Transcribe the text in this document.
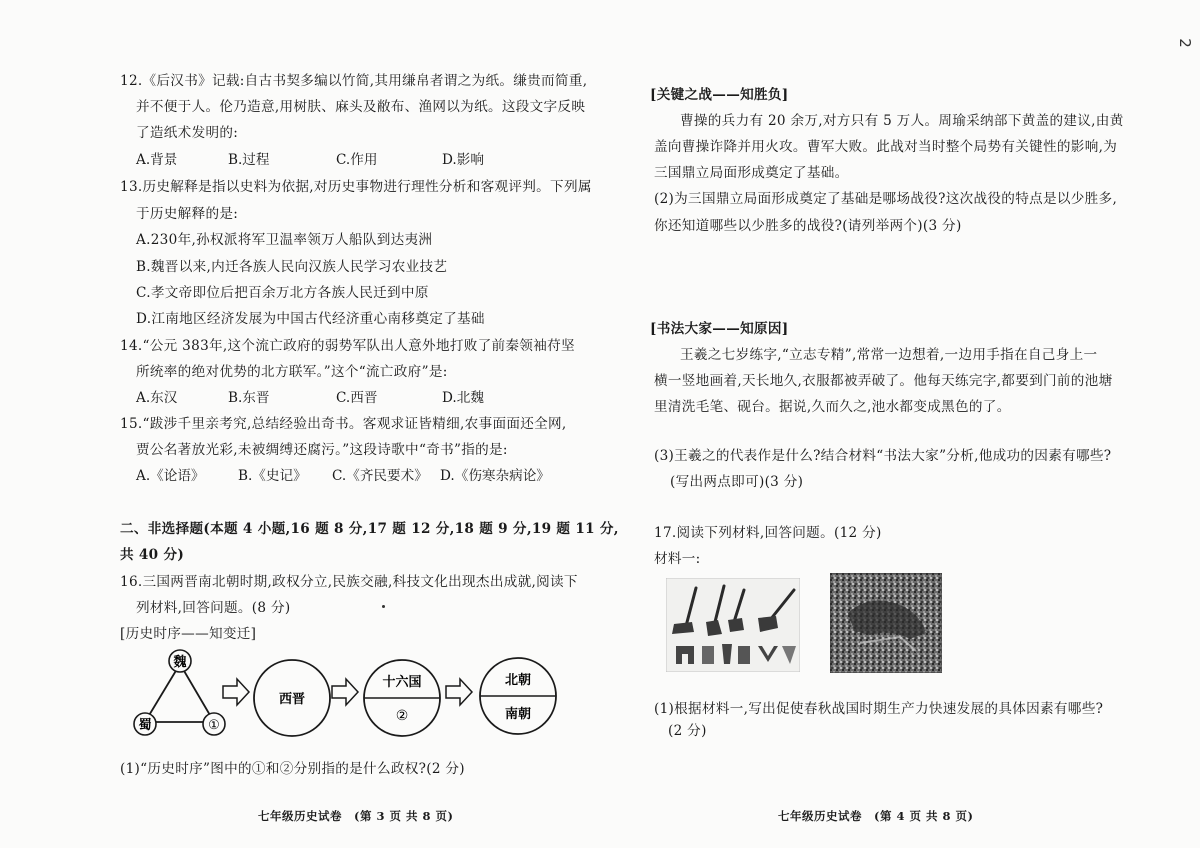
2
12.《后汉书》记载:自古书契多编以竹简,其用缣帛者谓之为纸。缣贵而简重,
并不便于人。伦乃造意,用树肤、麻头及敝布、渔网以为纸。这段文字反映
了造纸术发明的:
A.背景	B.过程	C.作用	D.影响
13.历史解释是指以史料为依据,对历史事物进行理性分析和客观评判。下列属
于历史解释的是:
A.230年,孙权派将军卫温率领万人船队到达夷洲
B.魏晋以来,内迁各族人民向汉族人民学习农业技艺
C.孝文帝即位后把百余万北方各族人民迁到中原
D.江南地区经济发展为中国古代经济重心南移奠定了基础
14.“公元 383年,这个流亡政府的弱势军队出人意外地打败了前秦领袖苻坚
所统率的绝对优势的北方联军。”这个“流亡政府”是:
A.东汉	B.东晋	C.西晋	D.北魏
15.“跋涉千里亲考究,总结经验出奇书。客观求证皆精细,农事面面还全网,
贾公名著放光彩,未被绸缚还腐污。”这段诗歌中“奇书”指的是:
A.《论语》 B.《史记》 C.《齐民要术》 D.《伤寒杂病论》
二、非选择题(本题 4 小题,16 题 8 分,17 题 12 分,18 题 9 分,19 题 11 分,
共 40 分)
16.三国两晋南北朝时期,政权分立,民族交融,科技文化出现杰出成就,阅读下
列材料,回答问题。(8 分)
[历史时序——知变迁]
魏
蜀	①
西晋
十六国
②
北朝
南朝
(1)“历史时序”图中的①和②分别指的是什么政权?(2 分)
七年级历史试卷　(第 3 页 共 8 页)
[关键之战——知胜负]
曹操的兵力有 20 余万,对方只有 5 万人。周瑜采纳部下黄盖的建议,由黄
盖向曹操诈降并用火攻。曹军大败。此战对当时整个局势有关键性的影响,为
三国鼎立局面形成奠定了基础。
(2)为三国鼎立局面形成奠定了基础是哪场战役?这次战役的特点是以少胜多,
你还知道哪些以少胜多的战役?(请列举两个)(3 分)
[书法大家——知原因]
王羲之七岁练字,“立志专精”,常常一边想着,一边用手指在自己身上一
横一竖地画着,天长地久,衣服都被弄破了。他每天练完字,都要到门前的池塘
里清洗毛笔、砚台。据说,久而久之,池水都变成黑色的了。
(3)王羲之的代表作是什么?结合材料“书法大家”分析,他成功的因素有哪些?
(写出两点即可)(3 分)
17.阅读下列材料,回答问题。(12 分)
材料一:
(1)根据材料一,写出促使春秋战国时期生产力快速发展的具体因素有哪些?
(2 分)
七年级历史试卷　(第 4 页 共 8 页)
